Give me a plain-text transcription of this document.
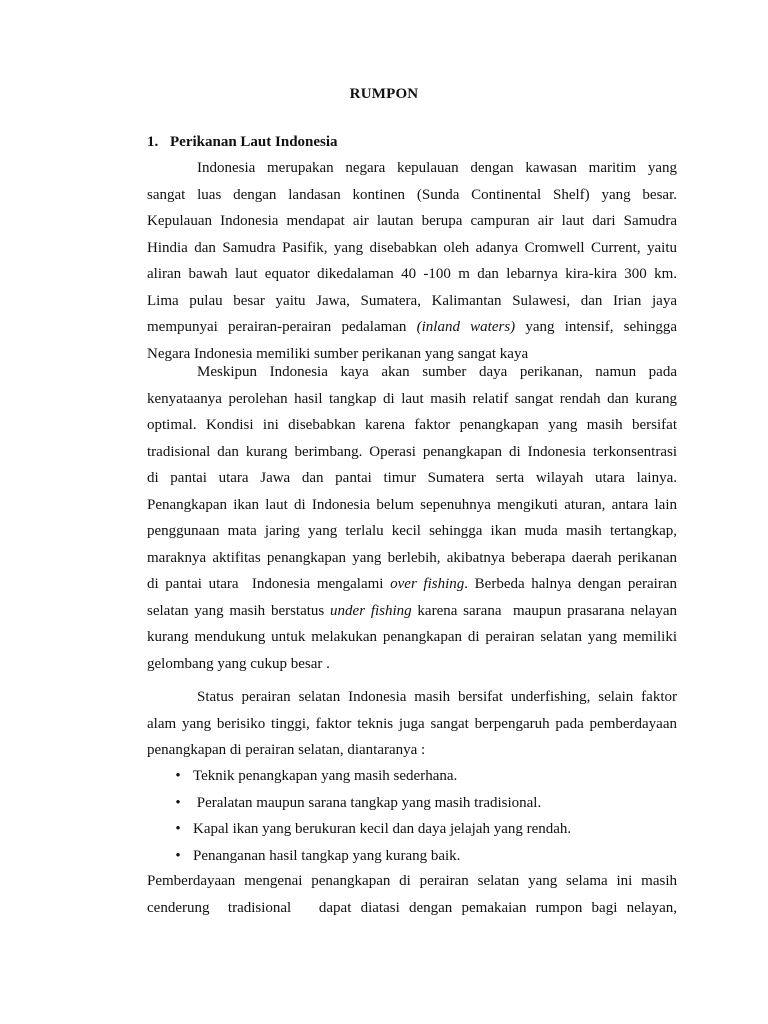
RUMPON
1. Perikanan Laut Indonesia
Indonesia  merupakan  negara  kepulauan  dengan  kawasan  maritim  yang
sangat luas dengan landasan kontinen (Sunda Continental Shelf) yang besar.
Kepulauan Indonesia mendapat air lautan berupa campuran air laut dari Samudra
Hindia dan Samudra Pasifik, yang disebabkan oleh adanya Cromwell Current, yaitu
aliran bawah laut equator dikedalaman 40 -100 m dan lebarnya kira-kira 300 km.
Lima pulau besar yaitu Jawa, Sumatera, Kalimantan Sulawesi, dan Irian jaya
mempunyai perairan-perairan pedalaman (inland waters) yang intensif, sehingga
Negara Indonesia memiliki sumber perikanan yang sangat kaya
Meskipun  Indonesia  kaya  akan  sumber  daya  perikanan,  namun  pada
kenyataanya perolehan hasil tangkap di laut masih relatif sangat rendah dan kurang
optimal. Kondisi ini disebabkan karena faktor penangkapan yang masih bersifat
tradisional dan kurang berimbang. Operasi penangkapan di Indonesia terkonsentrasi
di pantai utara Jawa dan pantai timur Sumatera serta wilayah utara lainya.
Penangkapan ikan laut di Indonesia belum sepenuhnya mengikuti aturan, antara lain
penggunaan mata jaring yang terlalu kecil sehingga ikan muda masih tertangkap,
maraknya aktifitas penangkapan yang berlebih, akibatnya beberapa daerah perikanan
di pantai utara  Indonesia mengalami over fishing. Berbeda halnya dengan perairan
selatan yang masih berstatus under fishing karena sarana  maupun prasarana nelayan
kurang mendukung untuk melakukan penangkapan di perairan selatan yang memiliki
gelombang yang cukup besar .
Status perairan selatan Indonesia masih bersifat underfishing, selain faktor
alam yang berisiko tinggi, faktor teknis juga sangat berpengaruh pada pemberdayaan
penangkapan di perairan selatan, diantaranya :
• Teknik penangkapan yang masih sederhana.
• Peralatan maupun sarana tangkap yang masih tradisional.
• Kapal ikan yang berukuran kecil dan daya jelajah yang rendah.
• Penanganan hasil tangkap yang kurang baik.
Pemberdayaan mengenai penangkapan di perairan selatan yang selama ini masih
cenderung  tradisional   dapat diatasi dengan pemakaian rumpon bagi nelayan,
